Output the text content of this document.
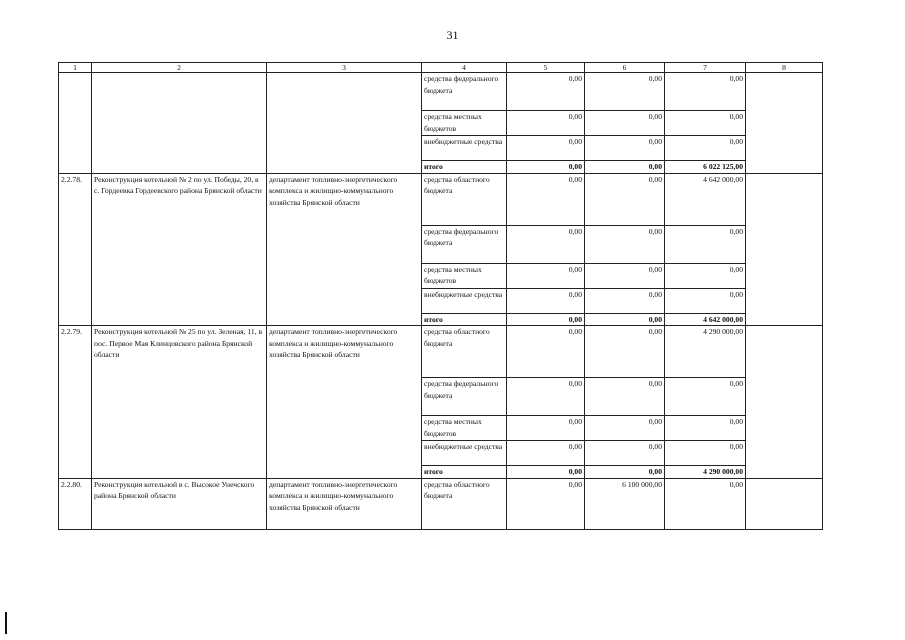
31
1	2	3	4	5	6	7	8
			средства федерального бюджета	0,00	0,00	0,00	
			средства местных бюджетов	0,00	0,00	0,00	
			внебюджетные средства	0,00	0,00	0,00	
			итого	0,00	0,00	6 022 125,00	
2.2.78.	Реконструкция котельной № 2 по ул. Победы, 20, в с. Гордеевка Гордеевского района Брянской области	департамент топливно-энергетического комплекса и жилищно-коммунального хозяйства Брянской области	средства областного бюджета	0,00	0,00	4 642 000,00	
			средства федерального бюджета	0,00	0,00	0,00	
			средства местных бюджетов	0,00	0,00	0,00	
			внебюджетные средства	0,00	0,00	0,00	
			итого	0,00	0,00	4 642 000,00	
2.2.79.	Реконструкция котельной № 25 по ул. Зеленая, 11, в пос. Первое Мая Клинцовского района Брянской области	департамент топливно-энергетического комплекса и жилищно-коммунального хозяйства Брянской области	средства областного бюджета	0,00	0,00	4 290 000,00	
			средства федерального бюджета	0,00	0,00	0,00	
			средства местных бюджетов	0,00	0,00	0,00	
			внебюджетные средства	0,00	0,00	0,00	
			итого	0,00	0,00	4 290 000,00	
2.2.80.	Реконструкция котельной в с. Высокое Унечского района Брянской области	департамент топливно-энергетического комплекса и жилищно-коммунального хозяйства Брянской области	средства областного бюджета	0,00	6 100 000,00	0,00	
